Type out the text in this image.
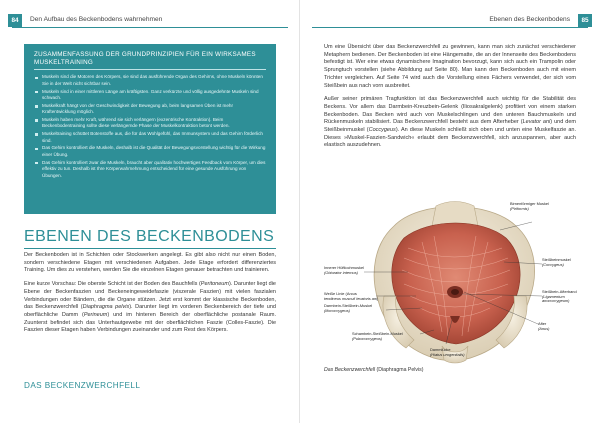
84	Den Aufbau des Beckenbodens wahrnehmen
ZUSAMMENFASSUNG DER GRUNDPRINZIPIEN FÜR EIN WIRKSAMES
MUSKELTRAINING
Muskeln sind die Motoren des Körpers, sie sind das ausführende Organ des Gehirns, ohne Muskeln könnten Sie in der Welt nicht sichtbar sein.
Muskeln sind in einer mittleren Länge am kräftigsten. Ganz verkürzte und völlig ausgedehnte Muskeln sind schwach.
Muskelkraft hängt von der Geschwindigkeit der Bewegung ab, beim langsamen Üben ist mehr Kraftentwicklung möglich.
Muskeln haben mehr Kraft, während sie sich verlängern (exzentrische Kontraktion). Beim Beckenbodentraining sollte diese verlängernde Phase der Muskelkontraktion betont werden.
Muskeltraining schüttet Botenstoffe aus, die für das Wohlgefühl, das Immunsystem und das Gehirn förderlich sind.
Das Gehirn kontrolliert die Muskeln, deshalb ist die Qualität der Bewegungsvorstellung wichtig für die Wirkung einer Übung.
Das Gehirn kontrolliert zwar die Muskeln, braucht aber qualitativ hochwertiges Feedback vom Körper, um dies effektiv zu tun. Deshalb ist Ihre Körperwahrnehmung entscheidend für eine gesunde Ausführung von Übungen.
EBENEN DES BECKENBODENS

Der Beckenboden ist in Schichten oder Stockwerken angelegt. Es gibt also nicht nur einen Boden, sondern verschiedene Etagen mit verschiedenen Aufgaben. Jede Etage erfordert differenziertes Training. Um dies zu verstehen, werden Sie die einzelnen Etagen genauer betrachten und trainieren.

Eine kurze Vorschau: Die oberste Schicht ist der Boden des Bauchfells (Peritoneum). Darunter liegt die Ebene der Beckenfaszien und Beckeneingeweidefaszie (viszerale Faszien) mit vielen faszialen Verbindungen oder Bändern, die die Organe stützen. Jetzt erst kommt der klassische Beckenboden, das Beckenzwerchfell (Diaphragma pelvis). Darunter liegt im vorderen Beckenbereich der tiefe und oberflächliche Damm (Perineum) und im hinteren Bereich der oberflächliche postanale Raum. Zuunterst befindet sich das Unterhautgewebe mit der oberflächlichen Faszie (Colles-Faszie). Die Faszien dieser Etagen haben Verbindungen zueinander und zum Rest des Körpers.

DAS BECKENZWERCHFELL
Ebenen des Beckenbodens	85

Um eine Übersicht über das Beckenzwerchfell zu gewinnen, kann man sich zunächst verschiedener Metaphern bedienen. Der Beckenboden ist eine Hängematte, die an der Innenseite des Beckenbodens befestigt ist. Wer eine etwas dynamischere Imagination bevorzugt, kann sich auch ein Trampolin oder Sprungtuch vorstellen (siehe Abbildung auf Seite 80). Man kann den Beckenboden auch mit einem Trichter vergleichen. Auf Seite 74 wird auch die Vorstellung eines Fächers verwendet, der sich vom Steißbein aus nach vorn ausbreitet.

Außer seiner primären Tragfunktion ist das Beckenzwerchfell auch wichtig für die Stabilität des Beckens. Vor allem das Darmbein-Kreuzbein-Gelenk (Iliosakralgelenk) profitiert von einem starken Beckenboden. Das Becken wird auch von Muskelschlingen und den unteren Bauchmuskeln und Rückenmuskeln stabilisiert. Das Beckenzwerchfell besteht aus dem Afterheber (Levator ani) und dem Steißbeinmuskel (Coccygeus). An diese Muskeln schließt sich oben und unten eine Muskelfaszie an. Dieses »Muskel-Faszien-Sandwich« erlaubt dem Beckenzwerchfell, sich anzuspannen, aber auch elastisch auszudehnen.

Birnenförmiger Muskel
(Piriformis)
Innerer Hüftlochmuskel
(Obturator internus)
Steißbeinmuskel
(Coccygeus)
Weiße Linie (Arcus
tendineus musculi levatoris ani)
Darmbein-Steißbein-Muskel
(Iliococcygeus)
Steißbein-Afterband
(Ligamentum
anococcygeum)
After
(Anus)
Schambein-Steißbein-Muskel
(Pubococcygeus)
Dammlücke
(Hiatus urogenitalis)
Das Beckenzwerchfell (Diaphragma Pelvis)
